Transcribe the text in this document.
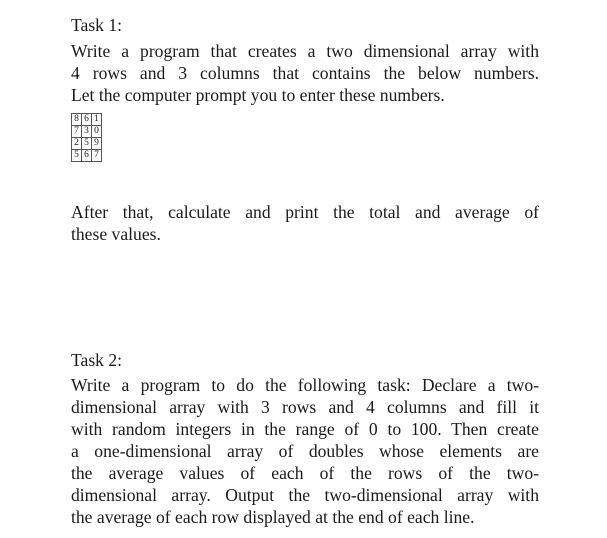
Task 1:
Write a program that creates a two dimensional array with
4 rows and 3 columns that contains the below numbers.
Let the computer prompt you to enter these numbers.
8	6	1
7	3	0
2	5	9
5	6	7
After that, calculate and print the total and average of
these values.
Task 2:
Write a program to do the following task: Declare a two-
dimensional array with 3 rows and 4 columns and fill it
with random integers in the range of 0 to 100. Then create
a one-dimensional array of doubles whose elements are
the average values of each of the rows of the two-
dimensional array. Output the two-dimensional array with
the average of each row displayed at the end of each line.
